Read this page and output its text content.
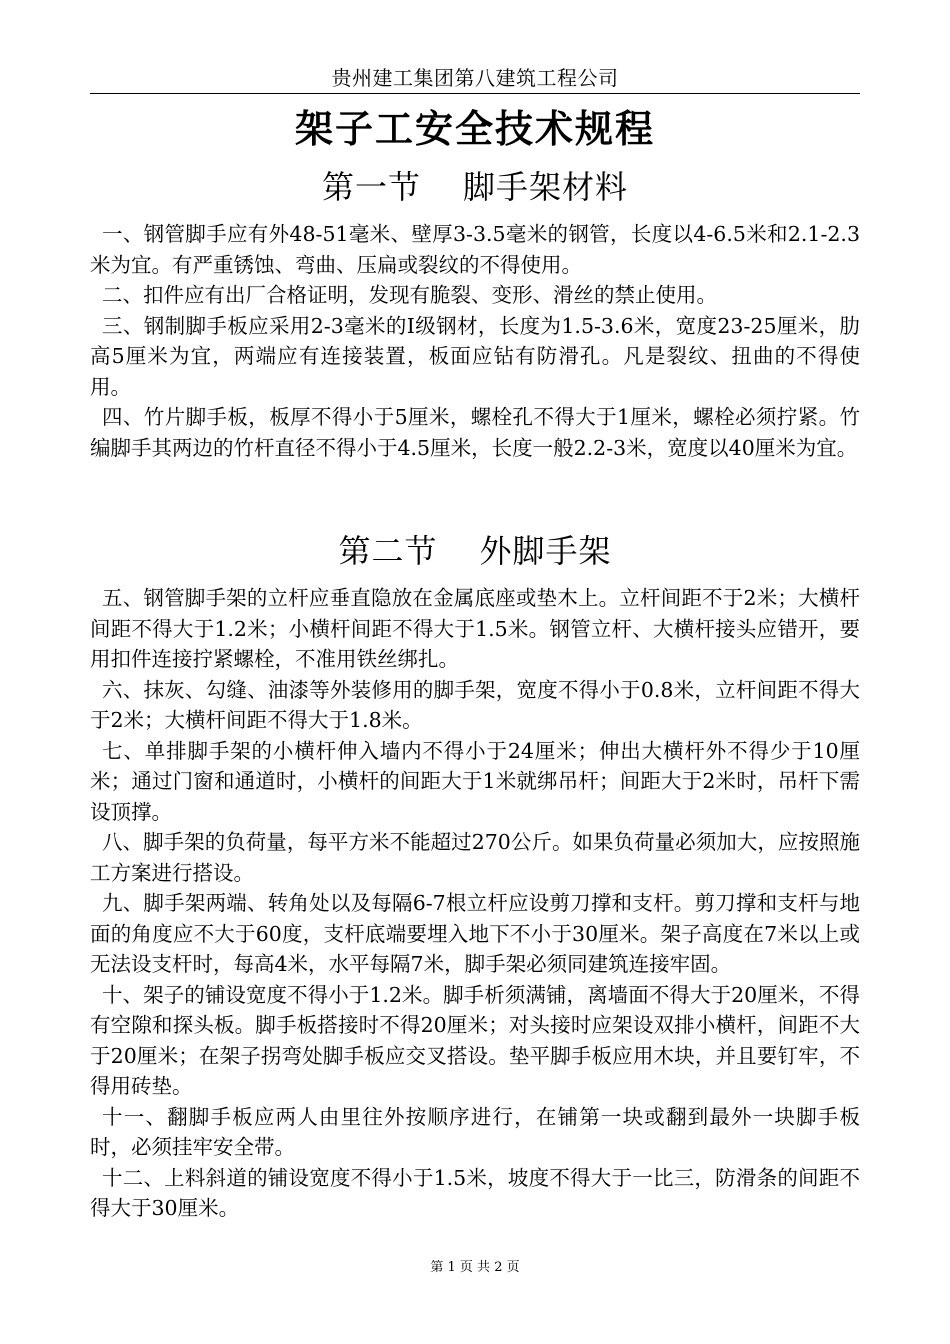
贵州建工集团第八建筑工程公司
架子工安全技术规程
第一节 脚手架材料

一、钢管脚手应有外48-51毫米、壁厚3-3.5毫米的钢管，长度以4-6.5米和2.1-2.3米为宜。有严重锈蚀、弯曲、压扁或裂纹的不得使用。

二、扣件应有出厂合格证明，发现有脆裂、变形、滑丝的禁止使用。

三、钢制脚手板应采用2-3毫米的I级钢材，长度为1.5-3.6米，宽度23-25厘米，肋高5厘米为宜，两端应有连接装置，板面应钻有防滑孔。凡是裂纹、扭曲的不得使用。

四、竹片脚手板，板厚不得小于5厘米，螺栓孔不得大于1厘米，螺栓必须拧紧。竹编脚手其两边的竹杆直径不得小于4.5厘米，长度一般2.2-3米，宽度以40厘米为宜。

第二节 外脚手架

五、钢管脚手架的立杆应垂直隐放在金属底座或垫木上。立杆间距不于2米；大横杆间距不得大于1.2米；小横杆间距不得大于1.5米。钢管立杆、大横杆接头应错开，要用扣件连接拧紧螺栓，不准用铁丝绑扎。

六、抹灰、勾缝、油漆等外装修用的脚手架，宽度不得小于0.8米，立杆间距不得大于2米；大横杆间距不得大于1.8米。

七、单排脚手架的小横杆伸入墙内不得小于24厘米；伸出大横杆外不得少于10厘米；通过门窗和通道时，小横杆的间距大于1米就绑吊杆；间距大于2米时，吊杆下需设顶撑。

八、脚手架的负荷量，每平方米不能超过270公斤。如果负荷量必须加大，应按照施工方案进行搭设。

九、脚手架两端、转角处以及每隔6-7根立杆应设剪刀撑和支杆。剪刀撑和支杆与地面的角度应不大于60度，支杆底端要埋入地下不小于30厘米。架子高度在7米以上或无法设支杆时，每高4米，水平每隔7米，脚手架必须同建筑连接牢固。

十、架子的铺设宽度不得小于1.2米。脚手析须满铺，离墙面不得大于20厘米，不得有空隙和探头板。脚手板搭接时不得20厘米；对头接时应架设双排小横杆，间距不大于20厘米；在架子拐弯处脚手板应交叉搭设。垫平脚手板应用木块，并且要钉牢，不得用砖垫。

十一、翻脚手板应两人由里往外按顺序进行，在铺第一块或翻到最外一块脚手板时，必须挂牢安全带。

十二、上料斜道的铺设宽度不得小于1.5米，坡度不得大于一比三，防滑条的间距不得大于30厘米。

第 1 页 共 2 页
